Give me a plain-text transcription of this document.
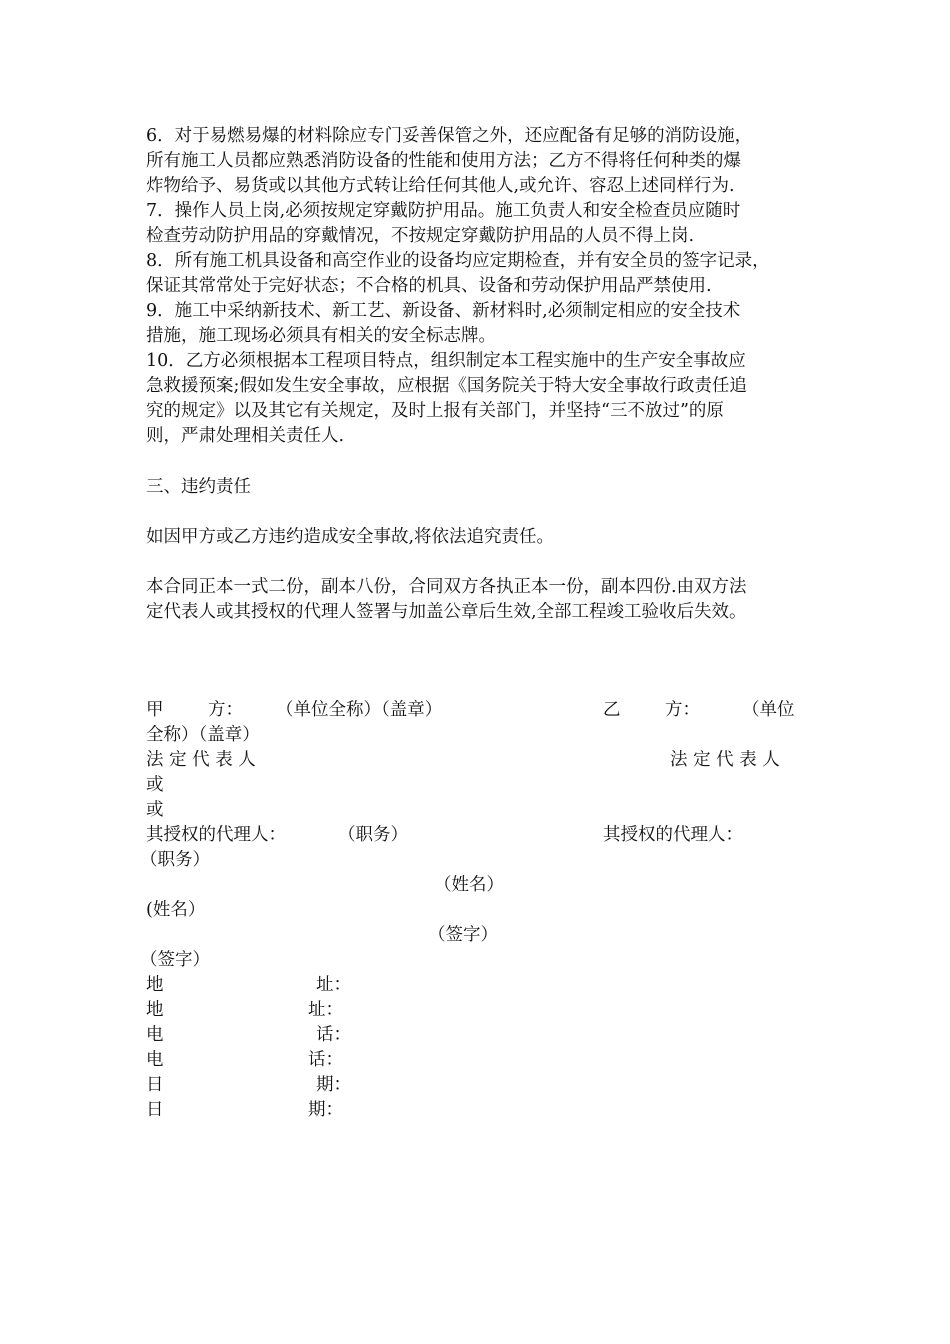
6．对于易燃易爆的材料除应专门妥善保管之外，还应配备有足够的消防设施，

所有施工人员都应熟悉消防设备的性能和使用方法；乙方不得将任何种类的爆

炸物给予、易货或以其他方式转让给任何其他人,或允许、容忍上述同样行为.

7．操作人员上岗,必须按规定穿戴防护用品。施工负责人和安全检查员应随时

检查劳动防护用品的穿戴情况，不按规定穿戴防护用品的人员不得上岗.

8．所有施工机具设备和高空作业的设备均应定期检查，并有安全员的签字记录，

保证其常常处于完好状态；不合格的机具、设备和劳动保护用品严禁使用.

9．施工中采纳新技术、新工艺、新设备、新材料时,必须制定相应的安全技术

措施，施工现场必须具有相关的安全标志牌。

10．乙方必须根据本工程项目特点，组织制定本工程实施中的生产安全事故应

急救援预案;假如发生安全事故，应根据《国务院关于特大安全事故行政责任追

究的规定》以及其它有关规定，及时上报有关部门，并坚持“三不放过”的原

则，严肃处理相关责任人.

三、违约责任

如因甲方或乙方违约造成安全事故,将依法追究责任。

本合同正本一式二份，副本八份，合同双方各执正本一份，副本四份.由双方法

定代表人或其授权的代理人签署与加盖公章后生效,全部工程竣工验收后失效。

甲        方： （单位全称）（盖章）	乙        方： （单位

全称）（盖章）

法 定 代 表 人	法 定 代 表 人

或

或

其授权的代理人：	（职务）	其授权的代理人：

（职务）

（姓名）

(姓名）

（签字）

（签字）

地	址：

地	址：

电	话：

电	话：

日	期：

日	期：
